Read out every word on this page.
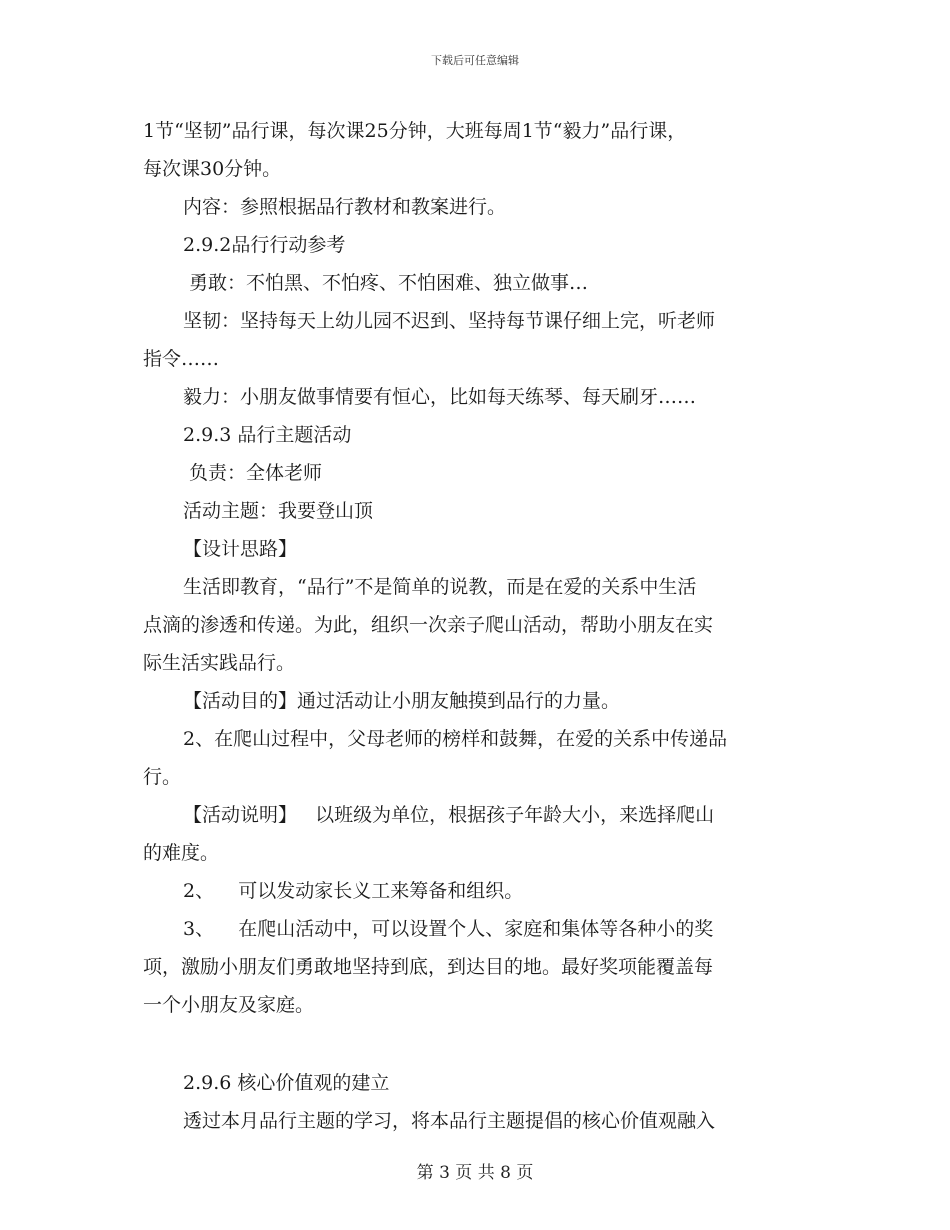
下载后可任意编辑
1节“坚韧”品行课，每次课25分钟，大班每周1节“毅力”品行课，
每次课30分钟。
内容：参照根据品行教材和教案进行。
2.9.2品行行动参考
勇敢：不怕黑、不怕疼、不怕困难、独立做事…
坚韧：坚持每天上幼儿园不迟到、坚持每节课仔细上完，听老师
指令……
毅力：小朋友做事情要有恒心，比如每天练琴、每天刷牙……
2.9.3 品行主题活动
负责：全体老师
活动主题：我要登山顶
【设计思路】
生活即教育，“品行”不是简单的说教，而是在爱的关系中生活
点滴的渗透和传递。为此，组织一次亲子爬山活动，帮助小朋友在实
际生活实践品行。
【活动目的】通过活动让小朋友触摸到品行的力量。
2、在爬山过程中，父母老师的榜样和鼓舞，在爱的关系中传递品
行。
【活动说明】   以班级为单位，根据孩子年龄大小，来选择爬山
的难度。
2、    可以发动家长义工来筹备和组织。
3、    在爬山活动中，可以设置个人、家庭和集体等各种小的奖
项，激励小朋友们勇敢地坚持到底，到达目的地。最好奖项能覆盖每
一个小朋友及家庭。
2.9.6 核心价值观的建立
透过本月品行主题的学习，将本品行主题提倡的核心价值观融入
第 3 页 共 8 页
